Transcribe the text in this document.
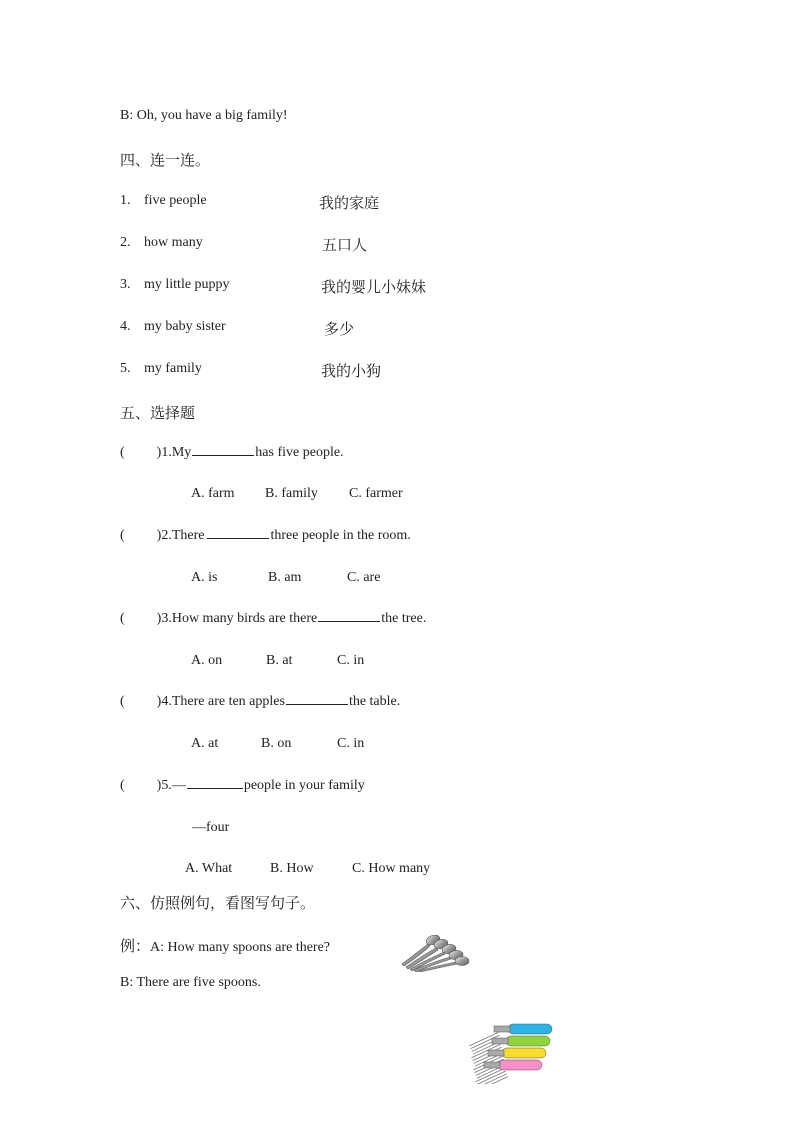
B: Oh, you have a big family!
四、连一连。
1. five people	我的家庭
2. how many	五口人
3. my little puppy	我的婴儿小妹妹
4. my baby sister	多少
5. my family	我的小狗
五、选择题
( )1.My	has five people.
A. farm B. family C. farmer
( )2.There	three people in the room.
A. is	B. am	C. are
( )3.How many birds are there	the tree.
A. on	B. at	C. in
( )4.There are ten apples	the table.
A. at	B. on	C. in
( )5.—	people in your family
—four
A. What	B. How	C. How many
六、仿照例句，看图写句子。
例：A: How many spoons are there?
B: There are five spoons.
